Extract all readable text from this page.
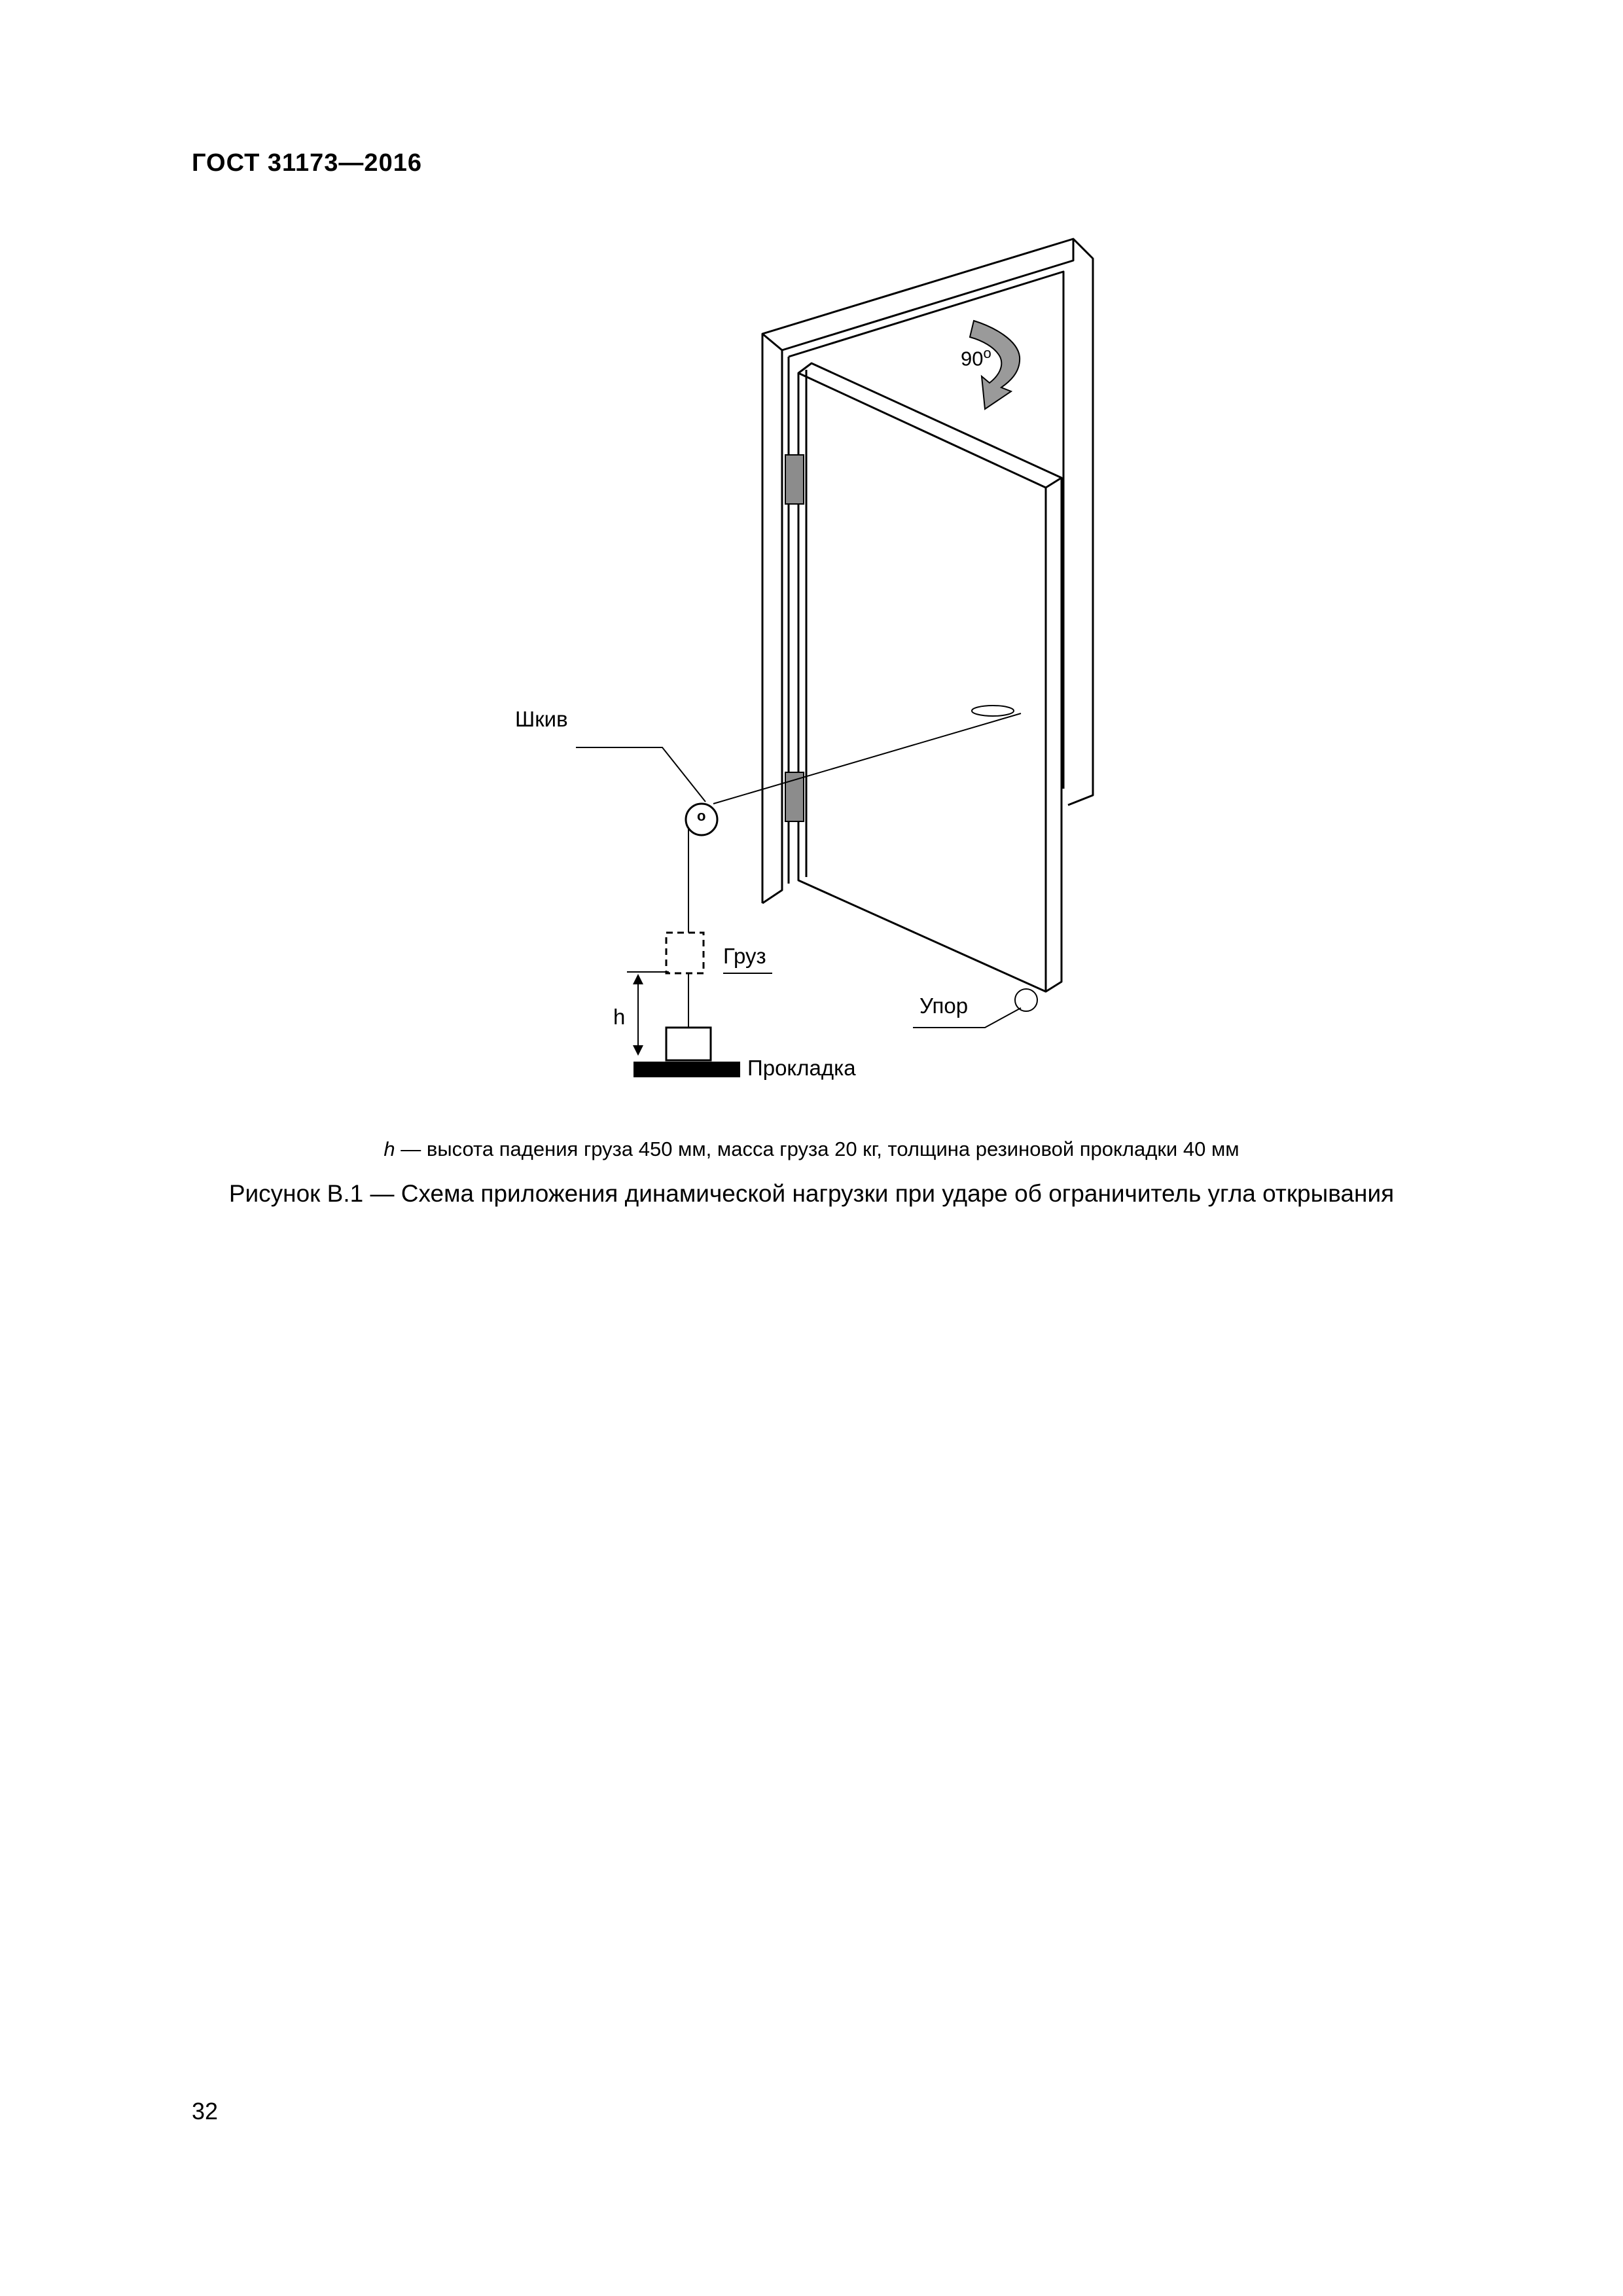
ГОСТ 31173—2016
90$^o$
Шкив
o
Груз
h	Упор
Прокладка
h — высота падения груза 450 мм, масса груза 20 кг, толщина резиновой прокладки 40 мм
Рисунок В.1 — Схема приложения динамической нагрузки при ударе об ограничитель угла открывания
32
